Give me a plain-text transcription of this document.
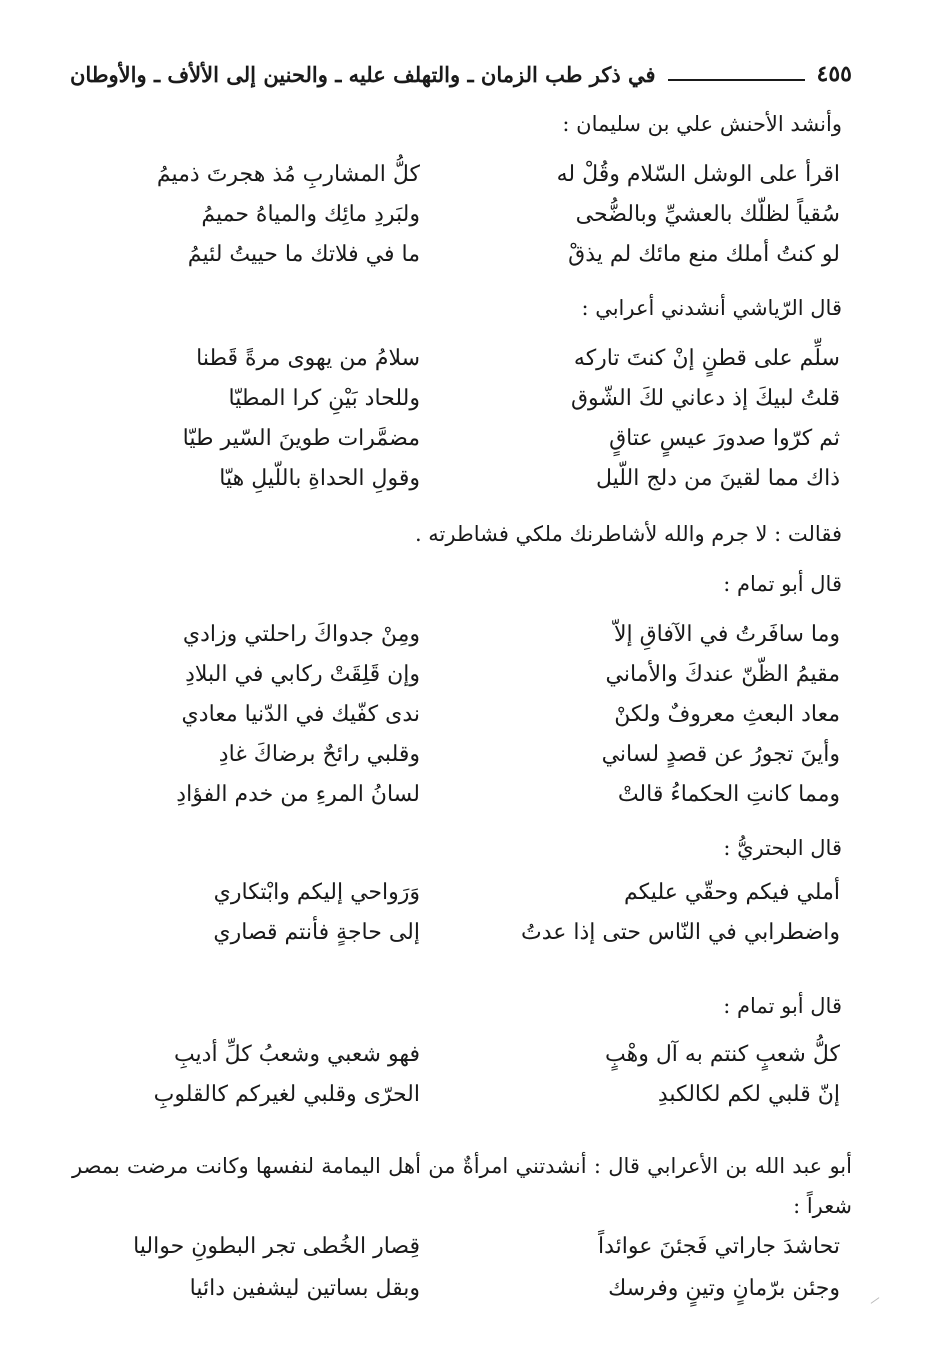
في ذكر طب الزمان ـ والتهلف عليه ـ والحنين إلى الألأف ـ والأوطان	٤٥٥
وأنشد الأحنش علي بن سليمان :
اقرأ على الوشل السّلام وقُلْ له
كلُّ المشاربِ مُذ هجرتَ ذميمُ
سُقياً لظلّك بالعشيِّ وبالضُّحى
ولبَردِ مائِك والمياهُ حميمُ
لو كنتُ أملك منع مائك لم يذقْ
ما في فلاتك ما حييتُ لئيمُ
قال الرّياشي أنشدني أعرابي :
سلِّم على قطنٍ إنْ كنتَ تاركه
سلامُ من يهوى مرةً قَطنا
قلتُ لبيكَ إذ دعاني لكَ الشّوق
وللحاد بَيْنِ كرا المطيّا
ثم كرّوا صدورَ عيسٍ عتاقٍ
مضمَّرات طوينَ السّير طيّا
ذاك مما لقينَ من دلج اللّيل
وقولِ الحداةِ باللّيلِ هيّا
فقالت : لا جرم والله لأشاطرنك ملكي فشاطرته .
قال أبو تمام :
وما سافَرتُ في الآفاقِ إلاّ
ومِنْ جدواكَ راحلتي وزادي
مقيمُ الظّنّ عندكَ والأماني
وإن قَلِقَتْ ركابي في البلادِ
معاد البعثِ معروفٌ ولكنْ
ندى كفّيك في الدّنيا معادي
وأينَ تجورُ عن قصدٍ لساني
وقلبي رائحٌ برضاكَ غادِ
ومما كانتِ الحكماءُ قالتْ
لسانُ المرءِ من خدم الفؤادِ
قال البحتريُّ :
أملي فيكم وحقّي عليكم
وَرَواحي إليكم وابْتكاري
واضطرابي في النّاس حتى إذا عدتُ
إلى حاجةٍ فأنتم قصاري
قال أبو تمام :
كلُّ شعبٍ كنتم به آل وهْبٍ
فهو شعبي وشعبُ كلِّ أديبِ
إنّ قلبي لكم لكالكبدِ
الحرّى وقلبي لغيركم كالقلوبِ
أبو عبد الله بن الأعرابي قال : أنشدتني امرأةٌ من أهل اليمامة لنفسها وكانت مرضت بمصر شعراً :
تحاشدَ جاراتي فَجئنَ عوائداً
قِصار الخُطى تجر البطونِ حواليا
وجئن برّمانٍ وتينٍ وفرسك
وبقل بساتين ليشفين دائيا
